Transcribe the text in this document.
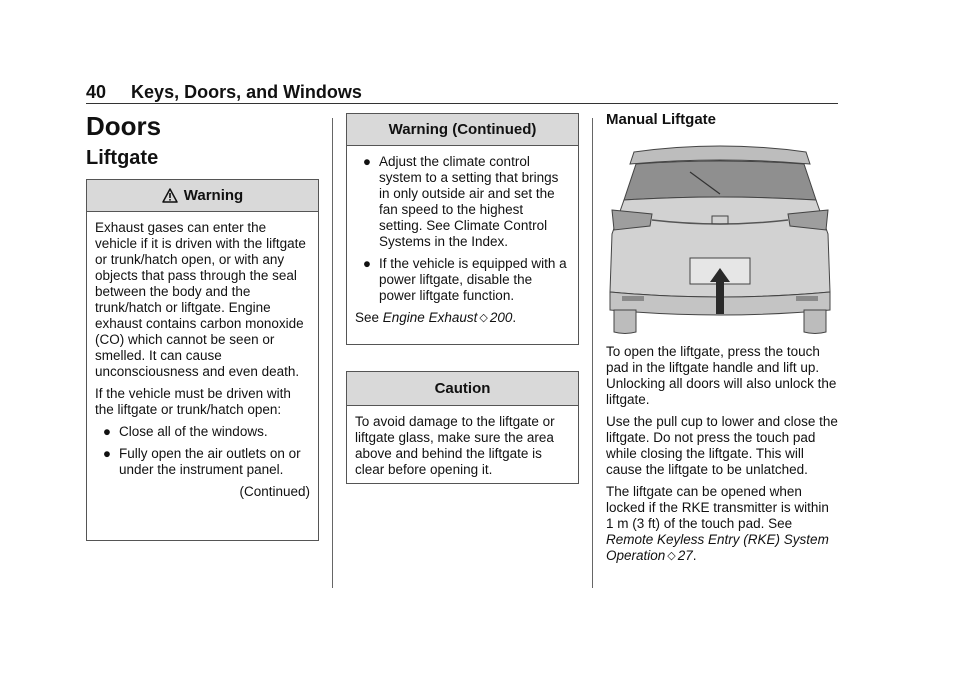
40 Keys, Doors, and Windows
Doors
Liftgate
Warning

Exhaust gases can enter the vehicle if it is driven with the liftgate or trunk/hatch open, or with any objects that pass through the seal between the body and the trunk/hatch or liftgate. Engine exhaust contains carbon monoxide (CO) which cannot be seen or smelled. It can cause unconsciousness and even death.

If the vehicle must be driven with the liftgate or trunk/hatch open:

● Close all of the windows.
● Fully open the air outlets on or under the instrument panel.
(Continued)
Warning (Continued)
● Adjust the climate control system to a setting that brings in only outside air and set the fan speed to the highest setting. See Climate Control Systems in the Index.
● If the vehicle is equipped with a power liftgate, disable the power liftgate function.

See Engine Exhaust ◇ 200.

Caution

To avoid damage to the liftgate or liftgate glass, make sure the area above and behind the liftgate is clear before opening it.

Manual Liftgate

To open the liftgate, press the touch pad in the liftgate handle and lift up. Unlocking all doors will also unlock the liftgate.

Use the pull cup to lower and close the liftgate. Do not press the touch pad while closing the liftgate. This will cause the liftgate to be unlatched.

The liftgate can be opened when locked if the RKE transmitter is within 1 m (3 ft) of the touch pad. See Remote Keyless Entry (RKE) System Operation ◇ 27.
